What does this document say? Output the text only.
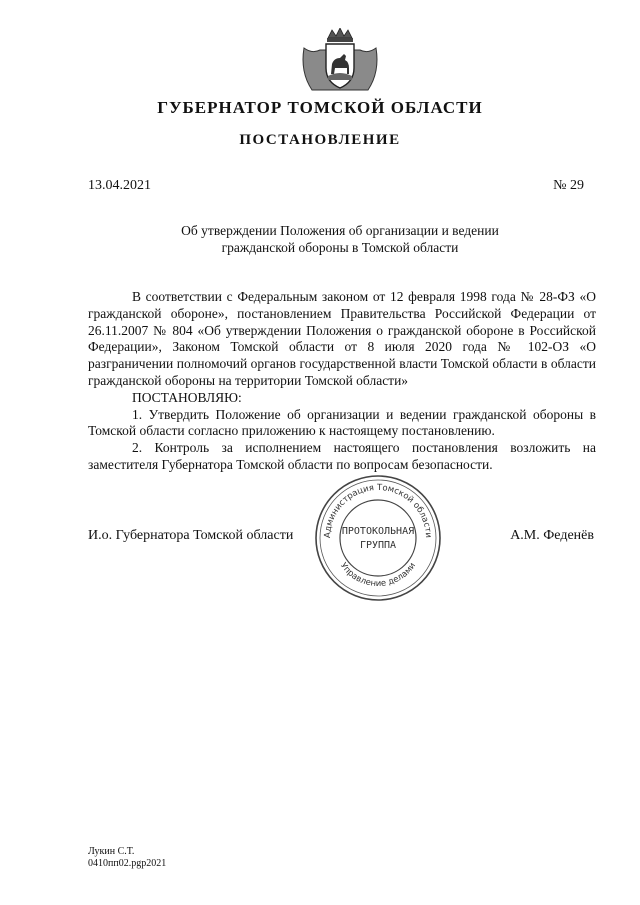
ГУБЕРНАТОР ТОМСКОЙ ОБЛАСТИ
ПОСТАНОВЛЕНИЕ
13.04.2021	№ 29
Об утверждении Положения об организации и ведении
гражданской обороны в Томской области

В соответствии с Федеральным законом от 12 февраля 1998 года № 28-ФЗ «О гражданской обороне», постановлением Правительства Российской Федерации от 26.11.2007 № 804 «Об утверждении Положения о гражданской обороне в Российской Федерации», Законом Томской области от 8 июля 2020 года № 102-ОЗ «О разграничении полномочий органов государственной власти Томской области в области гражданской обороны на территории Томской области»

ПОСТАНОВЛЯЮ:

1. Утвердить Положение об организации и ведении гражданской обороны в Томской области согласно приложению к настоящему постановлению.

2. Контроль за исполнением настоящего постановления возложить на заместителя Губернатора Томской области по вопросам безопасности.

И.о. Губернатора Томской области	А.М. Феденёв
Администрация Томской области
Управление делами
ПРОТОКОЛЬНАЯ
ГРУППА
Лукин С.Т.
0410пп02.pgp2021
